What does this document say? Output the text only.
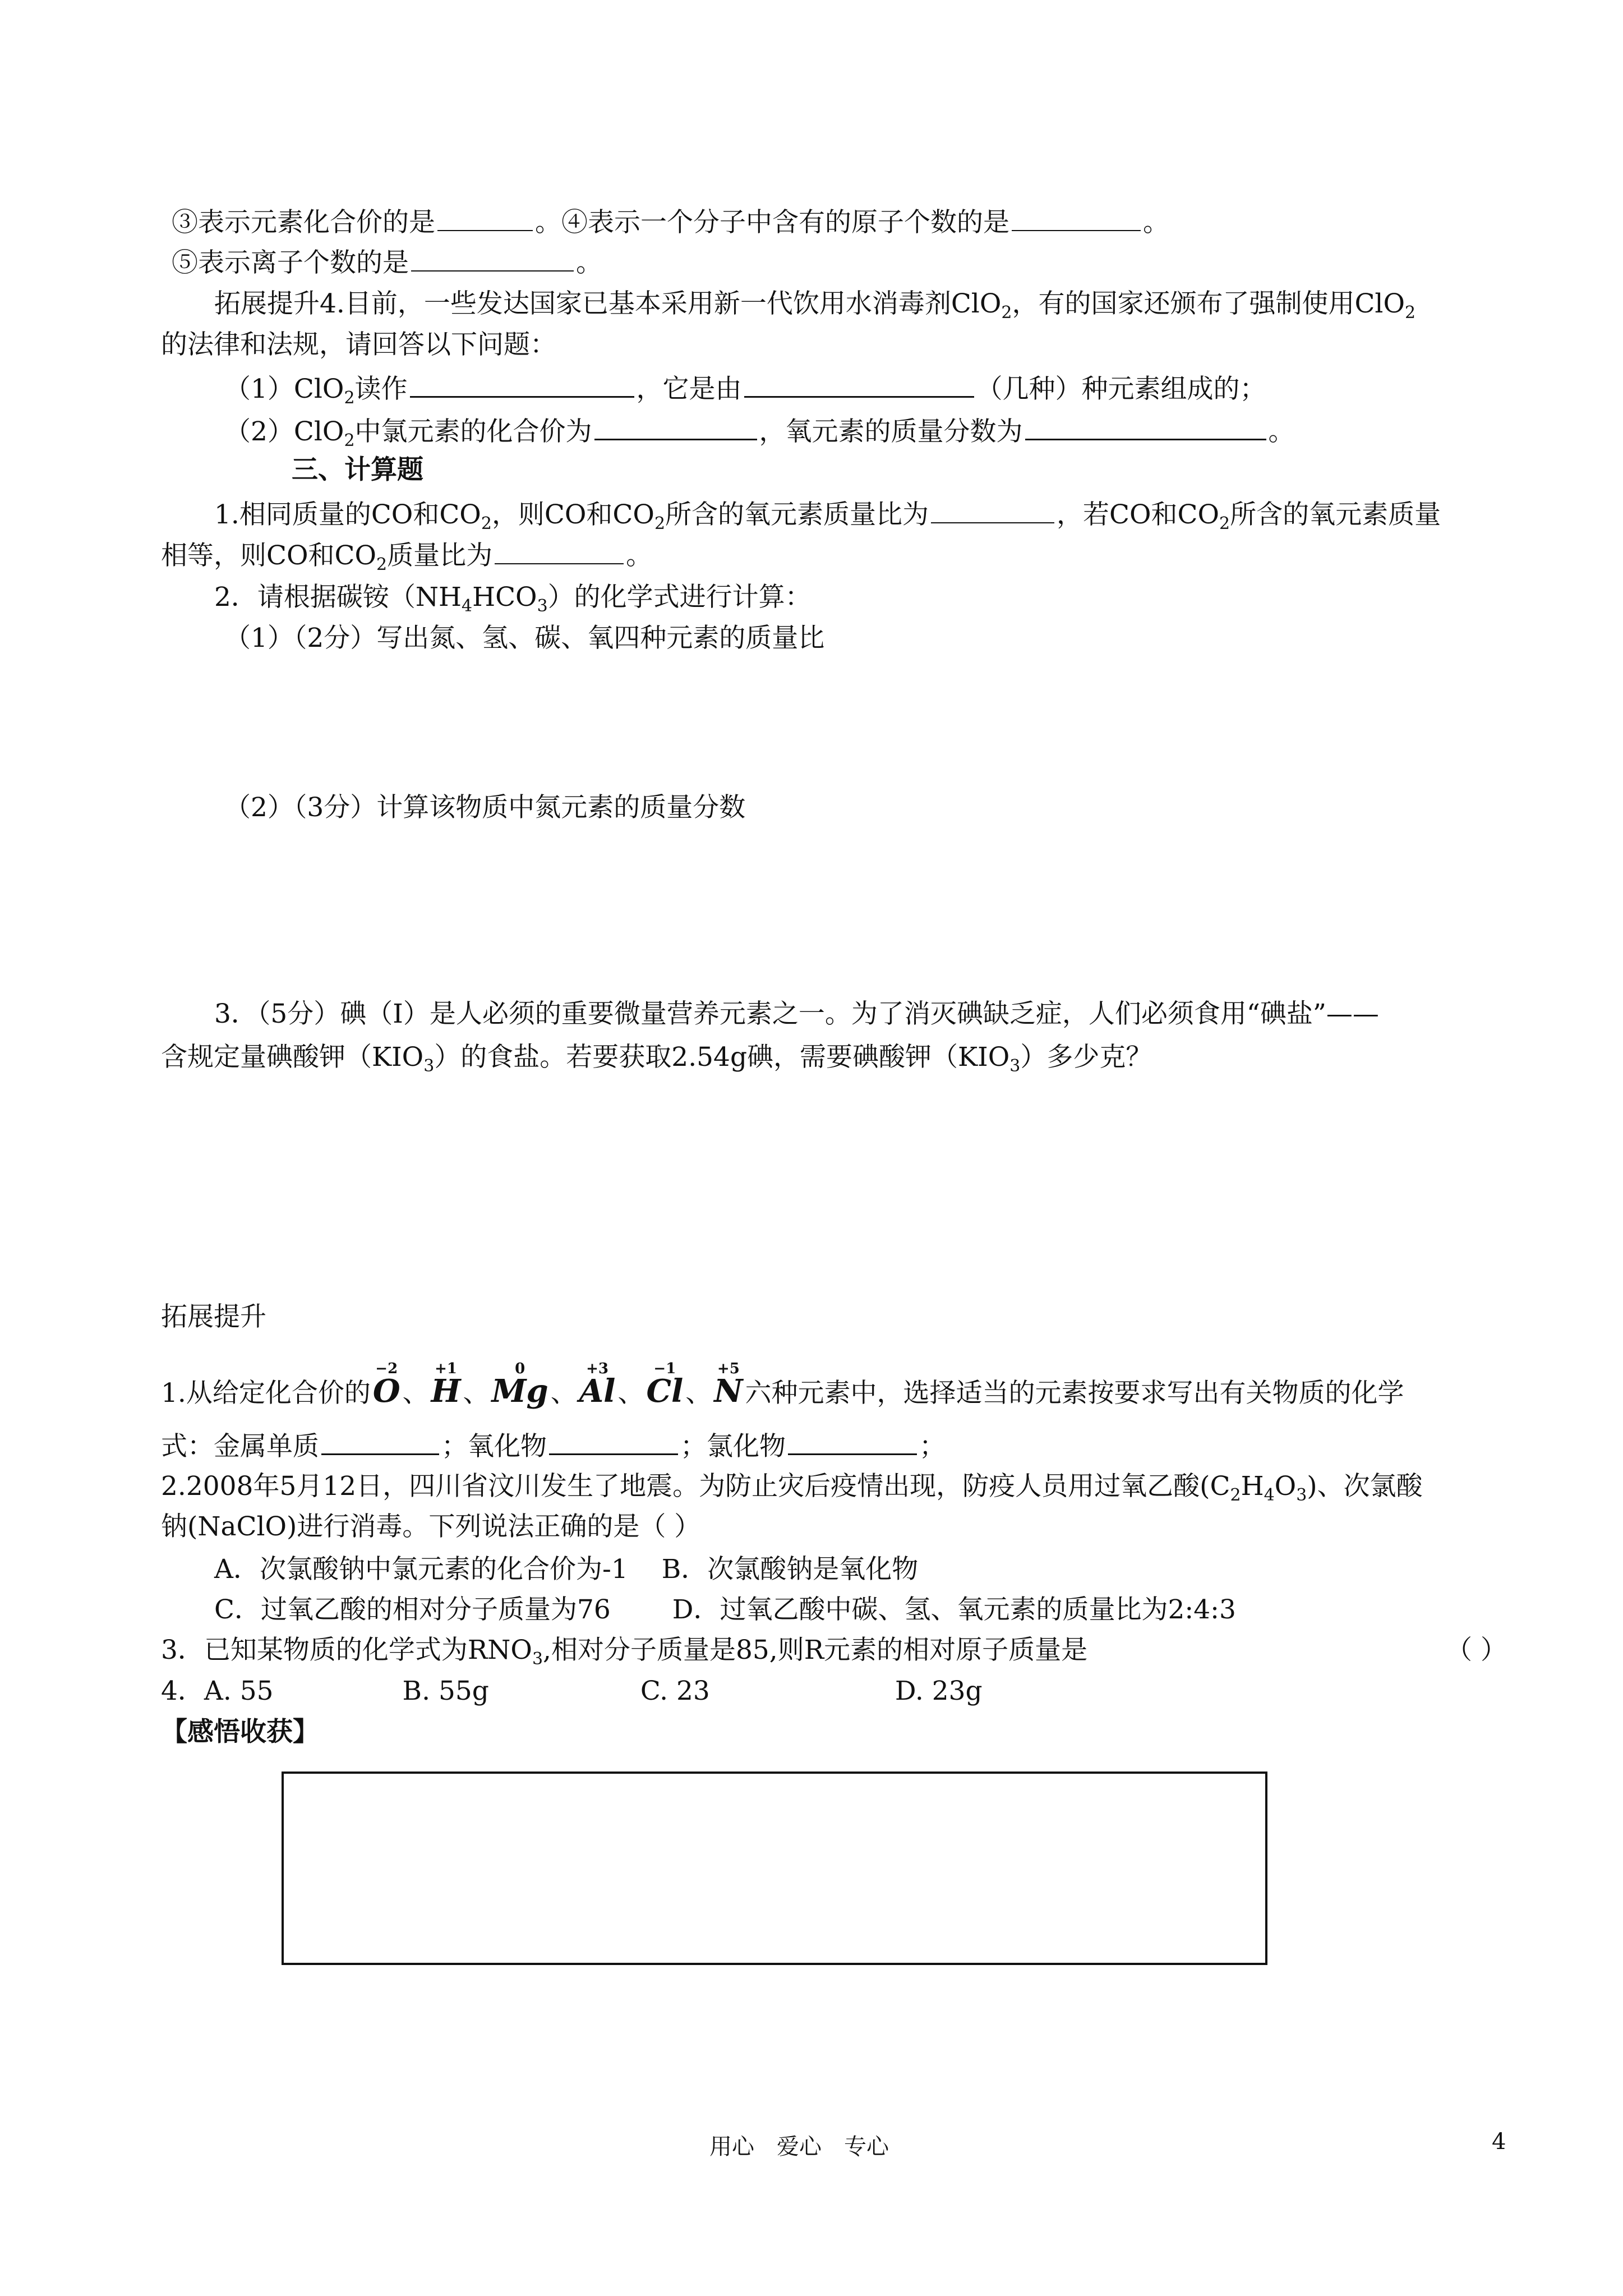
③表示元素化合价的是	。④表示一个分子中含有的原子个数的是	。
⑤表示离子个数的是	。
拓展提升4.目前，一些发达国家已基本采用新一代饮用水消毒剂ClO$_2$，有的国家还颁布了强制使用ClO$_2$
的法律和法规，请回答以下问题：
（1）ClO$_2$读作	，它是由	（几种）种元素组成的；
（2）ClO$_2$中氯元素的化合价为	，氧元素的质量分数为	。
三、计算题
1.相同质量的CO和$CO_2$，则CO和$CO_2$所含的氧元素质量比为	，若CO和$CO_2$所含的氧元素质量
相等，则CO和$CO_2$质量比为	。
2．请根据碳铵$(NH_4HCO_3)$的化学式进行计算：
（1）（2分）写出氮、氢、碳、氧四种元素的质量比
（2）（3分）计算该物质中氮元素的质量分数
3．（5分）碘（I）是人必须的重要微量营养元素之一。为了消灭碘缺乏症，人们必须食用“碘盐”——
含规定量碘酸钾$(KIO_3)$的食盐。若要获取2.54g碘，需要碘酸钾$(KIO_3)$多少克？
拓展提升
1.从给定化合价的
−2
O、
+1
H、
0
Mg、
+3
Al、
−1
Cl、
+5
N六种元素中，选择适当的元素按要求写出有关物质的化学
式：金属单质	；氧化物	；氯化物	；
2.2008年5月12日，四川省汶川发生了地震。为防止灾后疫情出现，防疫人员用过氧乙酸$(C_2H_4O_3)$、次氯酸
钠(NaClO)进行消毒。下列说法正确的是（ ）
A．次氯酸钠中氯元素的化合价为-1 B．次氯酸钠是氧化物
C．过氧乙酸的相对分子质量为76 D．过氧乙酸中碳、氢、氧元素的质量比为2:4:3
3．已知某物质的化学式为$RNO_3$,相对分子质量是85,则R元素的相对原子质量是	（ ）
4．A. 55	B. 55g	C. 23	D. 23g
【感悟收获】
用心　爱心　专心	4
